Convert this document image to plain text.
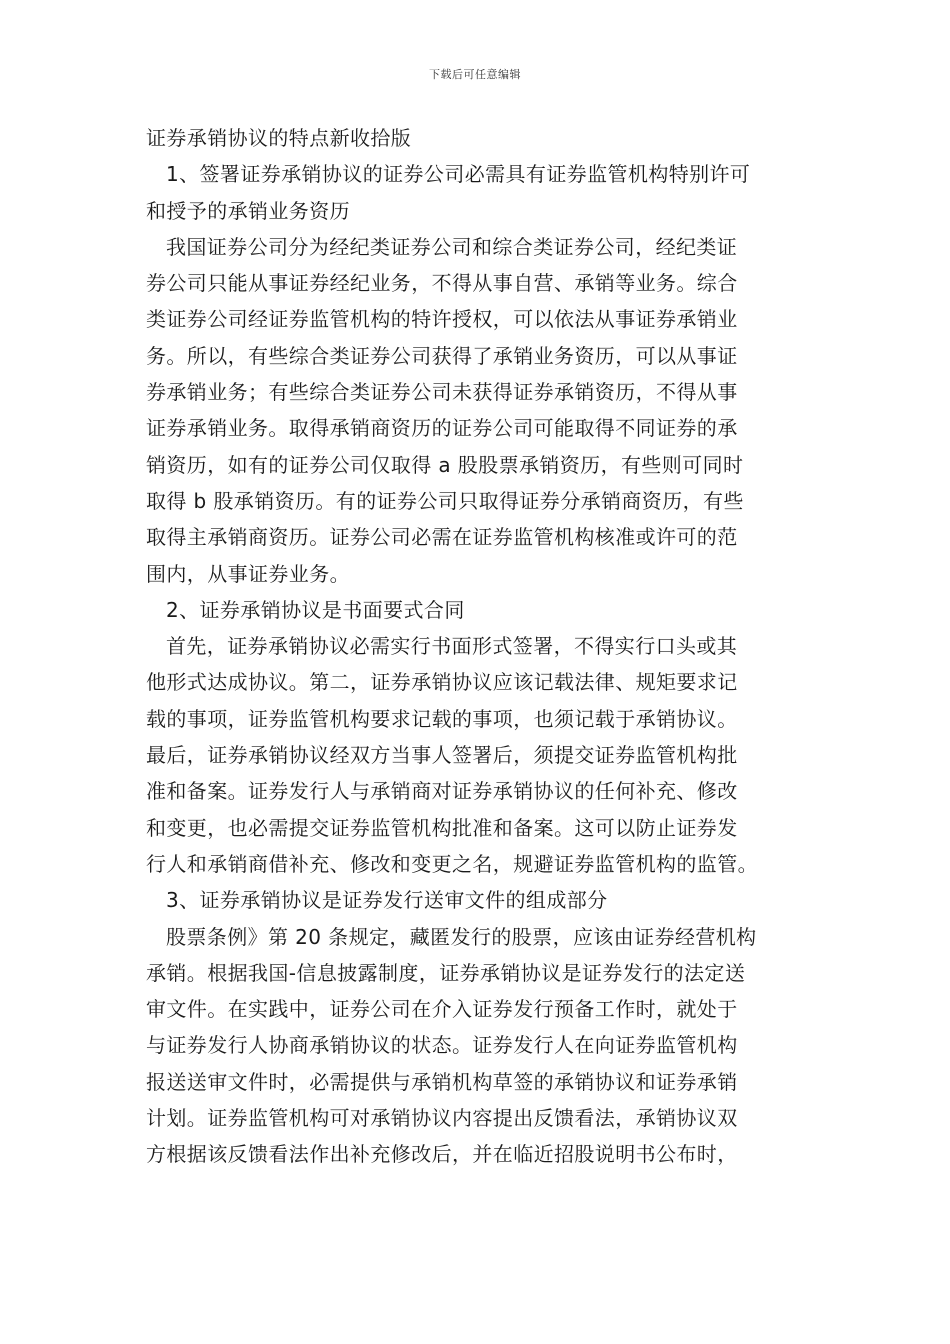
下载后可任意编辑
证券承销协议的特点新收拾版
1、签署证券承销协议的证券公司必需具有证券监管机构特别许可
和授予的承销业务资历
我国证券公司分为经纪类证券公司和综合类证券公司，经纪类证
券公司只能从事证券经纪业务，不得从事自营、承销等业务。综合
类证券公司经证券监管机构的特许授权，可以依法从事证券承销业
务。所以，有些综合类证券公司获得了承销业务资历，可以从事证
券承销业务；有些综合类证券公司未获得证券承销资历，不得从事
证券承销业务。取得承销商资历的证券公司可能取得不同证券的承
销资历，如有的证券公司仅取得 a 股股票承销资历，有些则可同时
取得 b 股承销资历。有的证券公司只取得证券分承销商资历，有些
取得主承销商资历。证券公司必需在证券监管机构核准或许可的范
围内，从事证券业务。
2、证券承销协议是书面要式合同
首先，证券承销协议必需实行书面形式签署，不得实行口头或其
他形式达成协议。第二，证券承销协议应该记载法律、规矩要求记
载的事项，证券监管机构要求记载的事项，也须记载于承销协议。
最后，证券承销协议经双方当事人签署后，须提交证券监管机构批
准和备案。证券发行人与承销商对证券承销协议的任何补充、修改
和变更，也必需提交证券监管机构批准和备案。这可以防止证券发
行人和承销商借补充、修改和变更之名，规避证券监管机构的监管。
3、证券承销协议是证券发行送审文件的组成部分
股票条例》第 20 条规定，藏匿发行的股票，应该由证券经营机构
承销。根据我国-信息披露制度，证券承销协议是证券发行的法定送
审文件。在实践中，证券公司在介入证券发行预备工作时，就处于
与证券发行人协商承销协议的状态。证券发行人在向证券监管机构
报送送审文件时，必需提供与承销机构草签的承销协议和证券承销
计划。证券监管机构可对承销协议内容提出反馈看法，承销协议双
方根据该反馈看法作出补充修改后，并在临近招股说明书公布时，
